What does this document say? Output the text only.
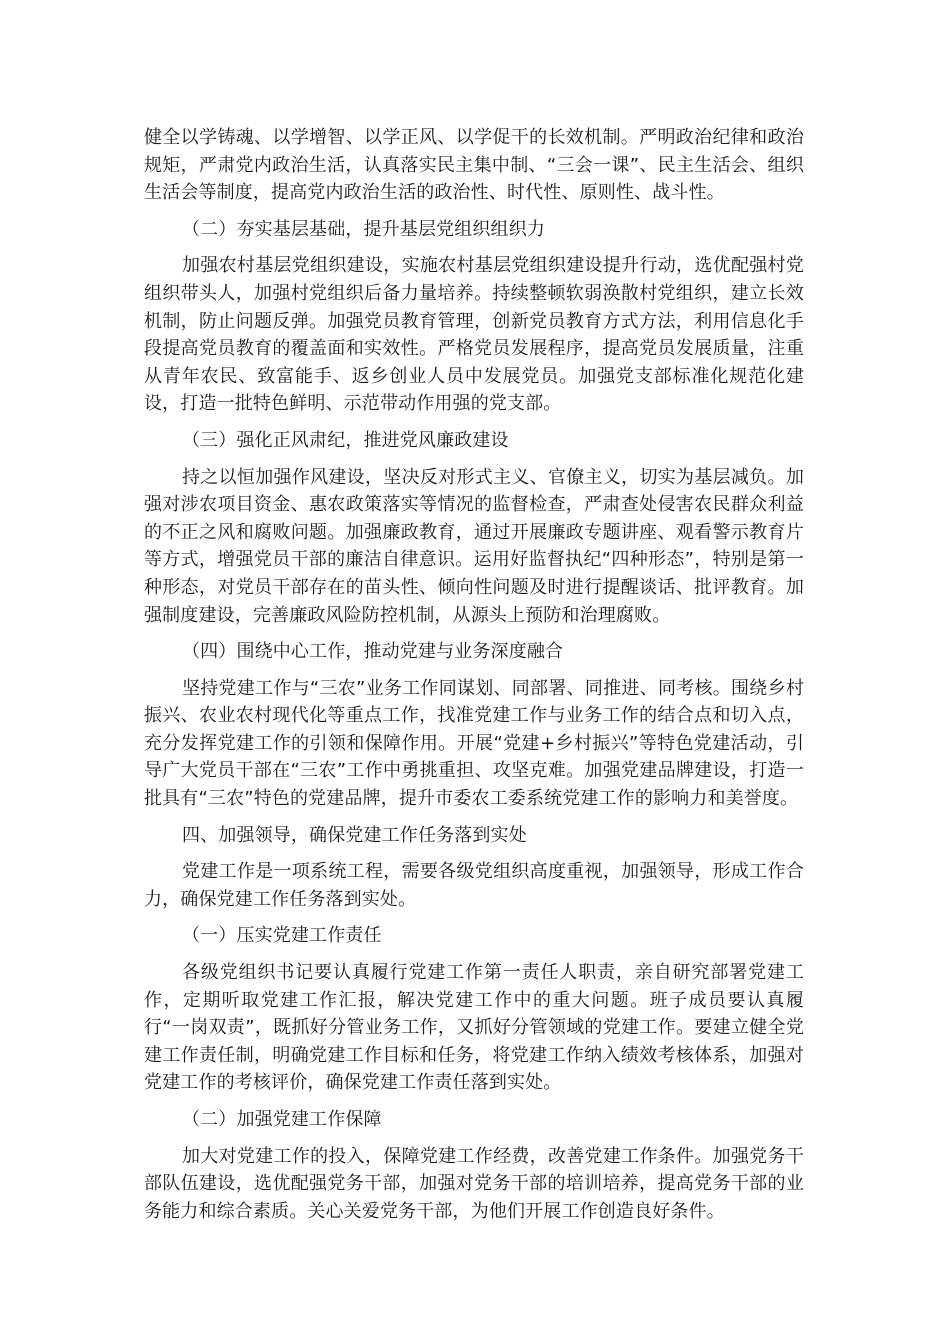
健全以学铸魂、以学增智、以学正风、以学促干的长效机制。严明政治纪律和政治规矩，严肃党内政治生活，认真落实民主集中制、“三会一课”、民主生活会、组织生活会等制度，提高党内政治生活的政治性、时代性、原则性、战斗性。

（二）夯实基层基础，提升基层党组织组织力

加强农村基层党组织建设，实施农村基层党组织建设提升行动，选优配强村党组织带头人，加强村党组织后备力量培养。持续整顿软弱涣散村党组织，建立长效机制，防止问题反弹。加强党员教育管理，创新党员教育方式方法，利用信息化手段提高党员教育的覆盖面和实效性。严格党员发展程序，提高党员发展质量，注重从青年农民、致富能手、返乡创业人员中发展党员。加强党支部标准化规范化建设，打造一批特色鲜明、示范带动作用强的党支部。

（三）强化正风肃纪，推进党风廉政建设

持之以恒加强作风建设，坚决反对形式主义、官僚主义，切实为基层减负。加强对涉农项目资金、惠农政策落实等情况的监督检查，严肃查处侵害农民群众利益的不正之风和腐败问题。加强廉政教育，通过开展廉政专题讲座、观看警示教育片等方式，增强党员干部的廉洁自律意识。运用好监督执纪“四种形态”，特别是第一种形态，对党员干部存在的苗头性、倾向性问题及时进行提醒谈话、批评教育。加强制度建设，完善廉政风险防控机制，从源头上预防和治理腐败。

（四）围绕中心工作，推动党建与业务深度融合

坚持党建工作与“三农”业务工作同谋划、同部署、同推进、同考核。围绕乡村振兴、农业农村现代化等重点工作，找准党建工作与业务工作的结合点和切入点，充分发挥党建工作的引领和保障作用。开展“党建+乡村振兴”等特色党建活动，引导广大党员干部在“三农”工作中勇挑重担、攻坚克难。加强党建品牌建设，打造一批具有“三农”特色的党建品牌，提升市委农工委系统党建工作的影响力和美誉度。

四、加强领导，确保党建工作任务落到实处

党建工作是一项系统工程，需要各级党组织高度重视，加强领导，形成工作合力，确保党建工作任务落到实处。

（一）压实党建工作责任

各级党组织书记要认真履行党建工作第一责任人职责，亲自研究部署党建工作，定期听取党建工作汇报，解决党建工作中的重大问题。班子成员要认真履行“一岗双责”，既抓好分管业务工作，又抓好分管领域的党建工作。要建立健全党建工作责任制，明确党建工作目标和任务，将党建工作纳入绩效考核体系，加强对党建工作的考核评价，确保党建工作责任落到实处。

（二）加强党建工作保障

加大对党建工作的投入，保障党建工作经费，改善党建工作条件。加强党务干部队伍建设，选优配强党务干部，加强对党务干部的培训培养，提高党务干部的业务能力和综合素质。关心关爱党务干部，为他们开展工作创造良好条件。
